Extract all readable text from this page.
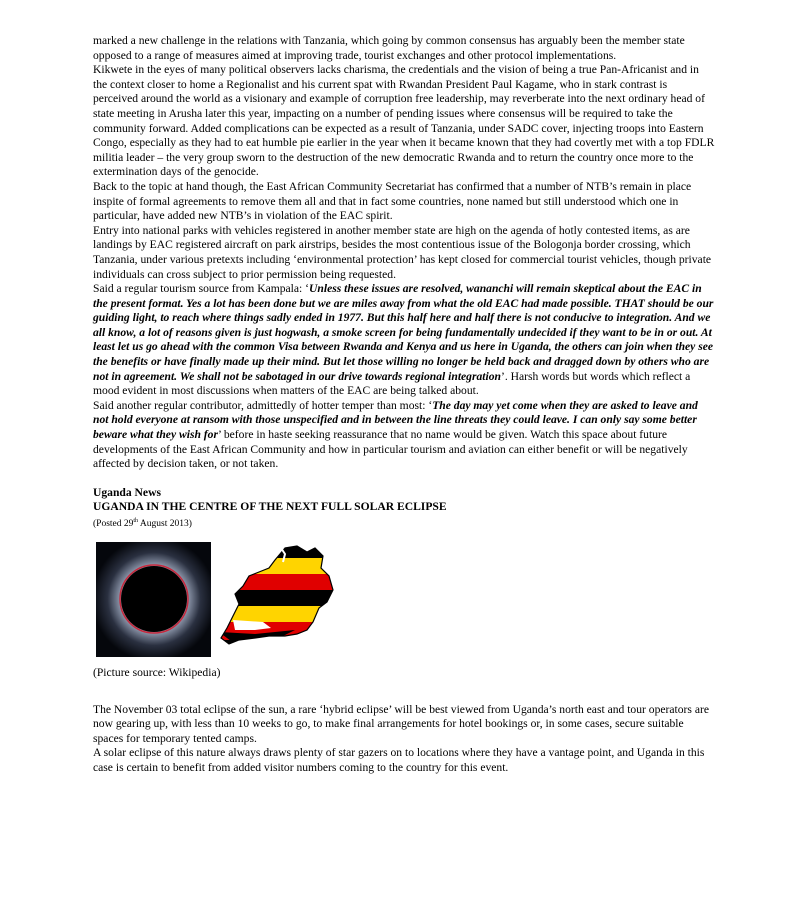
marked a new challenge in the relations with Tanzania, which going by common consensus has arguably been the member state opposed to a range of measures aimed at improving trade, tourist exchanges and other protocol implementations.

Kikwete in the eyes of many political observers lacks charisma, the credentials and the vision of being a true Pan-Africanist and in the context closer to home a Regionalist and his current spat with Rwandan President Paul Kagame, who in stark contrast is perceived around the world as a visionary and example of corruption free leadership, may reverberate into the next ordinary head of state meeting in Arusha later this year, impacting on a number of pending issues where consensus will be required to take the community forward. Added complications can be expected as a result of Tanzania, under SADC cover, injecting troops into Eastern Congo, especially as they had to eat humble pie earlier in the year when it became known that they had covertly met with a top FDLR militia leader – the very group sworn to the destruction of the new democratic Rwanda and to return the country once more to the extermination days of the genocide.

Back to the topic at hand though, the East African Community Secretariat has confirmed that a number of NTB’s remain in place inspite of formal agreements to remove them all and that in fact some countries, none named but still understood which one in particular, have added new NTB’s in violation of the EAC spirit.

Entry into national parks with vehicles registered in another member state are high on the agenda of hotly contested items, as are landings by EAC registered aircraft on park airstrips, besides the most contentious issue of the Bologonja border crossing, which Tanzania, under various pretexts including ‘environmental protection’ has kept closed for commercial tourist vehicles, though private individuals can cross subject to prior permission being requested.

Said a regular tourism source from Kampala: ‘Unless these issues are resolved, wananchi will remain skeptical about the EAC in the present format. Yes a lot has been done but we are miles away from what the old EAC had made possible. THAT should be our guiding light, to reach where things sadly ended in 1977. But this half here and half there is not conducive to integration. And we all know, a lot of reasons given is just hogwash, a smoke screen for being fundamentally undecided if they want to be in or out. At least let us go ahead with the common Visa between Rwanda and Kenya and us here in Uganda, the others can join when they see the benefits or have finally made up their mind. But let those willing no longer be held back and dragged down by others who are not in agreement. We shall not be sabotaged in our drive towards regional integration’. Harsh words but words which reflect a mood evident in most discussions when matters of the EAC are being talked about.

Said another regular contributor, admittedly of hotter temper than most: ‘The day may yet come when they are asked to leave and not hold everyone at ransom with those unspecified and in between the line threats they could leave. I can only say some better beware what they wish for’ before in haste seeking reassurance that no name would be given. Watch this space about future developments of the East African Community and how in particular tourism and aviation can either benefit or will be negatively affected by decision taken, or not taken.

Uganda News

UGANDA IN THE CENTRE OF THE NEXT FULL SOLAR ECLIPSE

(Posted 29th August 2013)

(Picture source: Wikipedia)

The November 03 total eclipse of the sun, a rare ‘hybrid eclipse’ will be best viewed from Uganda’s north east and tour operators are now gearing up, with less than 10 weeks to go, to make final arrangements for hotel bookings or, in some cases, secure suitable spaces for temporary tented camps.

A solar eclipse of this nature always draws plenty of star gazers on to locations where they have a vantage point, and Uganda in this case is certain to benefit from added visitor numbers coming to the country for this event.
